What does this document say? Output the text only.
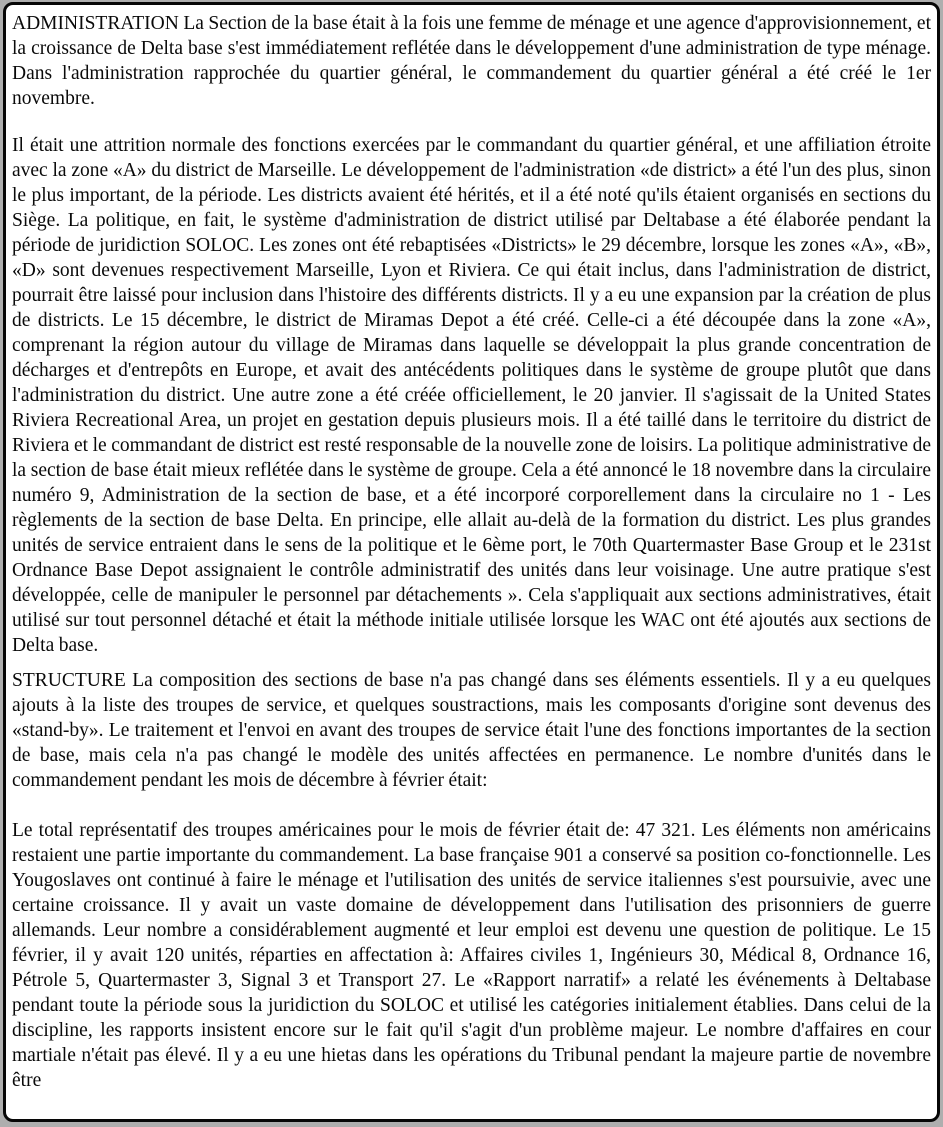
ADMINISTRATION La Section de la base était à la fois une femme de ménage et une agence d'approvisionnement, et la croissance de Delta base s'est immédiatement reflétée dans le développement d'une administration de type ménage. Dans l'administration rapprochée du quartier général, le commandement du quartier général a été créé le 1er novembre.

Il était une attrition normale des fonctions exercées par le commandant du quartier général, et une affiliation étroite avec la zone «A» du district de Marseille. Le développement de l'administration «de district» a été l'un des plus, sinon le plus important, de la période. Les districts avaient été hérités, et il a été noté qu'ils étaient organisés en sections du Siège. La politique, en fait, le système d'administration de district utilisé par Deltabase a été élaborée pendant la période de juridiction SOLOC. Les zones ont été rebaptisées «Districts» le 29 décembre, lorsque les zones «A», «B», «D» sont devenues respectivement Marseille, Lyon et Riviera. Ce qui était inclus, dans l'administration de district, pourrait être laissé pour inclusion dans l'histoire des différents districts. Il y a eu une expansion par la création de plus de districts. Le 15 décembre, le district de Miramas Depot a été créé. Celle-ci a été découpée dans la zone «A», comprenant la région autour du village de Miramas dans laquelle se développait la plus grande concentration de décharges et d'entrepôts en Europe, et avait des antécédents politiques dans le système de groupe plutôt que dans l'administration du district. Une autre zone a été créée officiellement, le 20 janvier. Il s'agissait de la United States Riviera Recreational Area, un projet en gestation depuis plusieurs mois. Il a été taillé dans le territoire du district de Riviera et le commandant de district est resté responsable de la nouvelle zone de loisirs. La politique administrative de la section de base était mieux reflétée dans le système de groupe. Cela a été annoncé le 18 novembre dans la circulaire numéro 9, Administration de la section de base, et a été incorporé corporellement dans la circulaire no 1 - Les règlements de la section de base Delta. En principe, elle allait au-delà de la formation du district. Les plus grandes unités de service entraient dans le sens de la politique et le 6ème port, le 70th Quartermaster Base Group et le 231st Ordnance Base Depot assignaient le contrôle administratif des unités dans leur voisinage. Une autre pratique s'est développée, celle de manipuler le personnel par détachements ». Cela s'appliquait aux sections administratives, était utilisé sur tout personnel détaché et était la méthode initiale utilisée lorsque les WAC ont été ajoutés aux sections de Delta base.

STRUCTURE La composition des sections de base n'a pas changé dans ses éléments essentiels. Il y a eu quelques ajouts à la liste des troupes de service, et quelques soustractions, mais les composants d'origine sont devenus des «stand-by». Le traitement et l'envoi en avant des troupes de service était l'une des fonctions importantes de la section de base, mais cela n'a pas changé le modèle des unités affectées en permanence. Le nombre d'unités dans le commandement pendant les mois de décembre à février était:

Le total représentatif des troupes américaines pour le mois de février était de: 47 321. Les éléments non américains restaient une partie importante du commandement. La base française 901 a conservé sa position co-fonctionnelle. Les Yougoslaves ont continué à faire le ménage et l'utilisation des unités de service italiennes s'est poursuivie, avec une certaine croissance. Il y avait un vaste domaine de développement dans l'utilisation des prisonniers de guerre allemands. Leur nombre a considérablement augmenté et leur emploi est devenu une question de politique. Le 15 février, il y avait 120 unités, réparties en affectation à: Affaires civiles 1, Ingénieurs 30, Médical 8, Ordnance 16, Pétrole 5, Quartermaster 3, Signal 3 et Transport 27. Le «Rapport narratif» a relaté les événements à Deltabase pendant toute la période sous la juridiction du SOLOC et utilisé les catégories initialement établies. Dans celui de la discipline, les rapports insistent encore sur le fait qu'il s'agit d'un problème majeur. Le nombre d'affaires en cour martiale n'était pas élevé. Il y a eu une hietas dans les opérations du Tribunal pendant la majeure partie de novembre être
